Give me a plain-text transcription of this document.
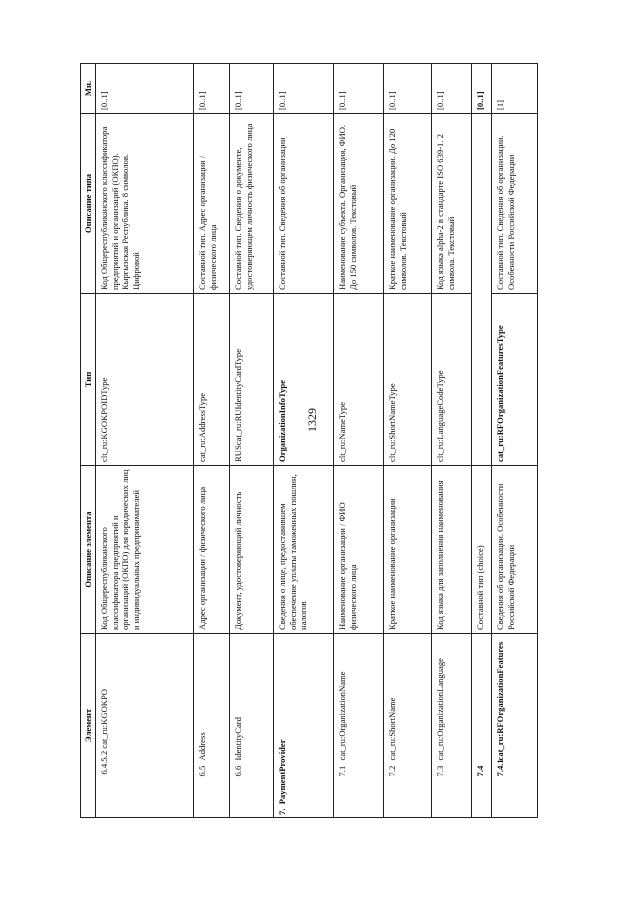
1329
Элемент			Описание элемента	Тип	Описание типа	Мн.
	6.4.5.2 cat_ru:KGOKPO		Код Общереспубликанского классификатора предприятий и организаций (ОКПО) для юридических лиц и индивидуальных предпринимателей	clt_ru:KGOKPOIDType	Код Общереспубликанского классификатора предприятий и организаций (ОКПО). Кыргызская Республика. 8 символов. Цифровой	[0..1]
	6.5	Address	Адрес организации / физического лица	cat_ru:AddressType	Составной тип. Адрес организации / физического лица	[0..1]
	6.6	IdentityCard	Документ, удостоверяющий личность	RUScat_ru:RUIdentityCardType	Составной тип. Сведения о документе, удостоверяющем личность физического лица	[0..1]
7.  PaymentProvider			Сведения о лице, предоставившем обеспечение уплаты таможенных пошлин, налогов	OrganizationInfoType	Составной тип. Сведения об организации	[0..1]
	7.1	cat_ru:OrganizationName	Наименование организации / ФИО физического лица	clt_ru:NameType	Наименование субъекта. Организация, ФИО. До 150 символов. Текстовый	[0..1]
	7.2	cat_ru:ShortName	Краткое наименование организации	clt_ru:ShortNameType	Краткое наименование организации. До 120 символов. Текстовый	[0..1]
	7.3	cat_ru:OrganizationLanguage	Код языка для заполнения наименования	clt_ru:LanguageCodeType	Код языка alpha-2 в стандарте ISO 639-1. 2 символа. Текстовый	[0..1]
	7.4		Составной тип (choice)			[0..1]
	7.4.1	cat_ru:RFOrganizationFeatures	Сведения об организации. Особенности Российской Федерации	cat_ru:RFOrganizationFeaturesType	Составной тип. Сведения об организации. Особенности Российской Федерации	[1]
